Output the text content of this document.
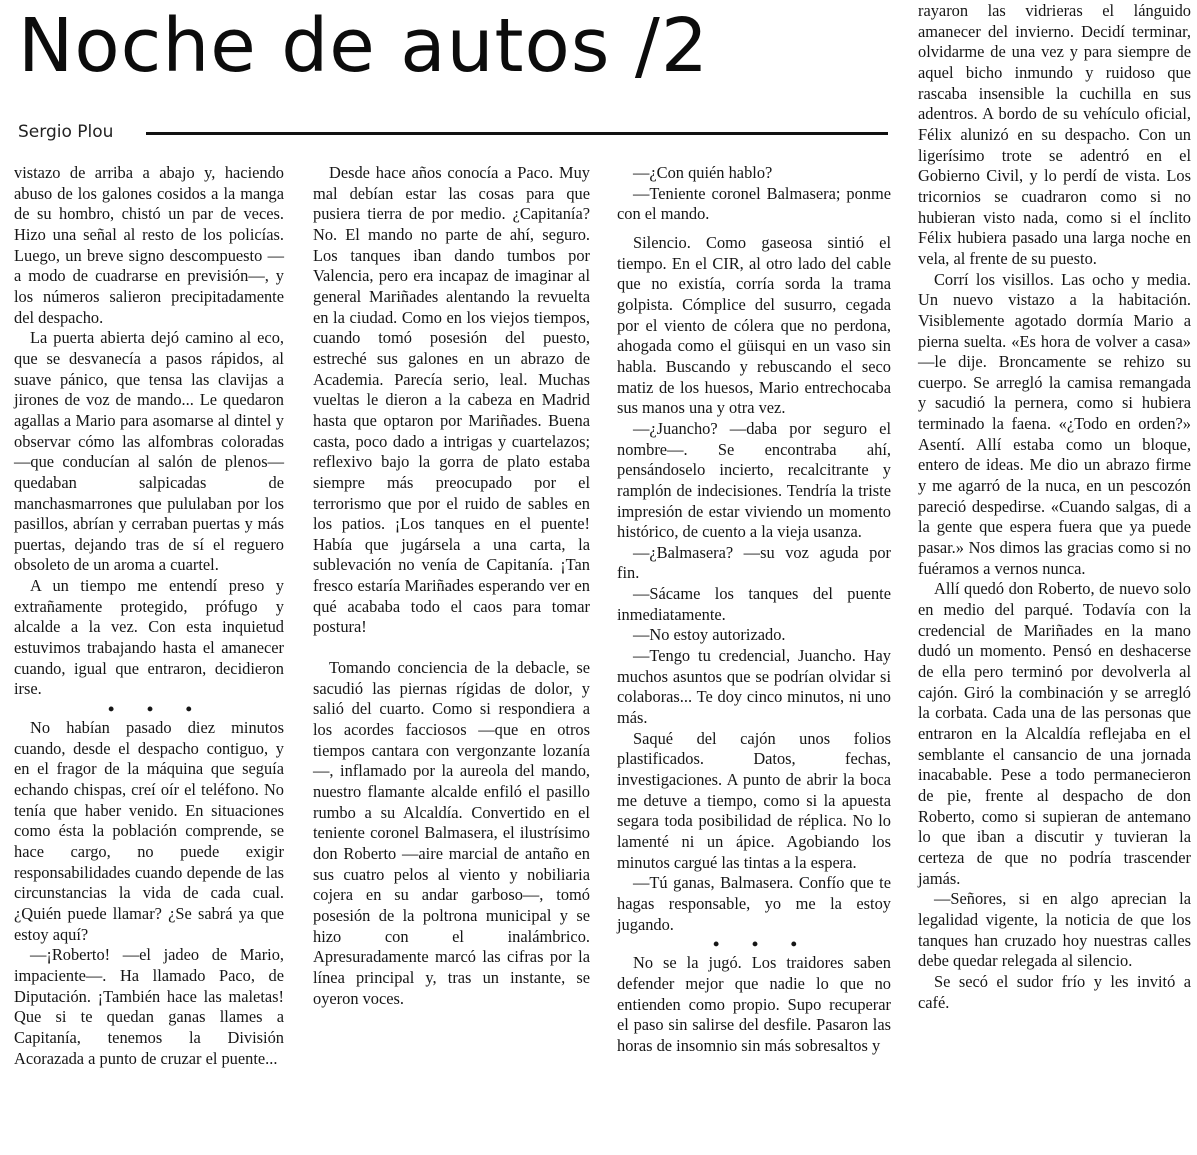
Noche de autos /2
Sergio Plou

vistazo de arriba a abajo y, haciendo abuso de los galones cosidos a la manga de su hombro, chistó un par de veces. Hizo una señal al resto de los policías. Luego, un breve signo descompuesto —a modo de cuadrarse en previsión—, y los números salieron precipitadamente del despacho.

La puerta abierta dejó camino al eco, que se desvanecía a pasos rápidos, al suave pánico, que tensa las clavijas a jirones de voz de mando... Le quedaron agallas a Mario para asomarse al dintel y observar cómo las alfombras coloradas —que conducían al salón de plenos— quedaban salpicadas de manchasmarrones que pululaban por los pasillos, abrían y cerraban puertas y más puertas, dejando tras de sí el reguero obsoleto de un aroma a cuartel.

A un tiempo me entendí preso y extrañamente protegido, prófugo y alcalde a la vez. Con esta inquietud estuvimos trabajando hasta el amanecer cuando, igual que entraron, decidieron irse.

• • •

No habían pasado diez minutos cuando, desde el despacho contiguo, y en el fragor de la máquina que seguía echando chispas, creí oír el teléfono. No tenía que haber venido. En situaciones como ésta la población comprende, se hace cargo, no puede exigir responsabilidades cuando depende de las circunstancias la vida de cada cual. ¿Quién puede llamar? ¿Se sabrá ya que estoy aquí?

—¡Roberto! —el jadeo de Mario, impaciente—. Ha llamado Paco, de Diputación. ¡También hace las maletas! Que si te quedan ganas llames a Capitanía, tenemos la División Acorazada a punto de cruzar el puente...

Desde hace años conocía a Paco. Muy mal debían estar las cosas para que pusiera tierra de por medio. ¿Capitanía? No. El mando no parte de ahí, seguro. Los tanques iban dando tumbos por Valencia, pero era incapaz de imaginar al general Mariñades alentando la revuelta en la ciudad. Como en los viejos tiempos, cuando tomó posesión del puesto, estreché sus galones en un abrazo de Academia. Parecía serio, leal. Muchas vueltas le dieron a la cabeza en Madrid hasta que optaron por Mariñades. Buena casta, poco dado a intrigas y cuartelazos; reflexivo bajo la gorra de plato estaba siempre más preocupado por el terrorismo que por el ruido de sables en los patios. ¡Los tanques en el puente! Había que jugársela a una carta, la sublevación no venía de Capitanía. ¡Tan fresco estaría Mariñades esperando ver en qué acababa todo el caos para tomar postura!

Tomando conciencia de la debacle, se sacudió las piernas rígidas de dolor, y salió del cuarto. Como si respondiera a los acordes facciosos —que en otros tiempos cantara con vergonzante lozanía—, inflamado por la aureola del mando, nuestro flamante alcalde enfiló el pasillo rumbo a su Alcaldía. Convertido en el teniente coronel Balmasera, el ilustrísimo don Roberto —aire marcial de antaño en sus cuatro pelos al viento y nobiliaria cojera en su andar garboso—, tomó posesión de la poltrona municipal y se hizo con el inalámbrico. Apresuradamente marcó las cifras por la línea principal y, tras un instante, se oyeron voces.

—¿Con quién hablo?

—Teniente coronel Balmasera; ponme con el mando.

Silencio. Como gaseosa sintió el tiempo. En el CIR, al otro lado del cable que no existía, corría sorda la trama golpista. Cómplice del susurro, cegada por el viento de cólera que no perdona, ahogada como el güisqui en un vaso sin habla. Buscando y rebuscando el seco matiz de los huesos, Mario entrechocaba sus manos una y otra vez.

—¿Juancho? —daba por seguro el nombre—. Se encontraba ahí, pensándoselo incierto, recalcitrante y ramplón de indecisiones. Tendría la triste impresión de estar viviendo un momento histórico, de cuento a la vieja usanza.

—¿Balmasera? —su voz aguda por fin.

—Sácame los tanques del puente inmediatamente.

—No estoy autorizado.

—Tengo tu credencial, Juancho. Hay muchos asuntos que se podrían olvidar si colaboras... Te doy cinco minutos, ni uno más.

Saqué del cajón unos folios plastificados. Datos, fechas, investigaciones. A punto de abrir la boca me detuve a tiempo, como si la apuesta segara toda posibilidad de réplica. No lo lamenté ni un ápice. Agobiando los minutos cargué las tintas a la espera.

—Tú ganas, Balmasera. Confío que te hagas responsable, yo me la estoy jugando.

• • •

No se la jugó. Los traidores saben defender mejor que nadie lo que no entienden como propio. Supo recuperar el paso sin salirse del desfile. Pasaron las horas de insomnio sin más sobresaltos y

rayaron las vidrieras el lánguido amanecer del invierno. Decidí terminar, olvidarme de una vez y para siempre de aquel bicho inmundo y ruidoso que rascaba insensible la cuchilla en sus adentros. A bordo de su vehículo oficial, Félix alunizó en su despacho. Con un ligerísimo trote se adentró en el Gobierno Civil, y lo perdí de vista. Los tricornios se cuadraron como si no hubieran visto nada, como si el ínclito Félix hubiera pasado una larga noche en vela, al frente de su puesto.

Corrí los visillos. Las ocho y media. Un nuevo vistazo a la habitación. Visiblemente agotado dormía Mario a pierna suelta. «Es hora de volver a casa» —le dije. Broncamente se rehizo su cuerpo. Se arregló la camisa remangada y sacudió la pernera, como si hubiera terminado la faena. «¿Todo en orden?» Asentí. Allí estaba como un bloque, entero de ideas. Me dio un abrazo firme y me agarró de la nuca, en un pescozón pareció despedirse. «Cuando salgas, di a la gente que espera fuera que ya puede pasar.» Nos dimos las gracias como si no fuéramos a vernos nunca.

Allí quedó don Roberto, de nuevo solo en medio del parqué. Todavía con la credencial de Mariñades en la mano dudó un momento. Pensó en deshacerse de ella pero terminó por devolverla al cajón. Giró la combinación y se arregló la corbata. Cada una de las personas que entraron en la Alcaldía reflejaba en el semblante el cansancio de una jornada inacabable. Pese a todo permanecieron de pie, frente al despacho de don Roberto, como si supieran de antemano lo que iban a discutir y tuvieran la certeza de que no podría trascender jamás.

—Señores, si en algo aprecian la legalidad vigente, la noticia de que los tanques han cruzado hoy nuestras calles debe quedar relegada al silencio.

Se secó el sudor frío y les invitó a café.
